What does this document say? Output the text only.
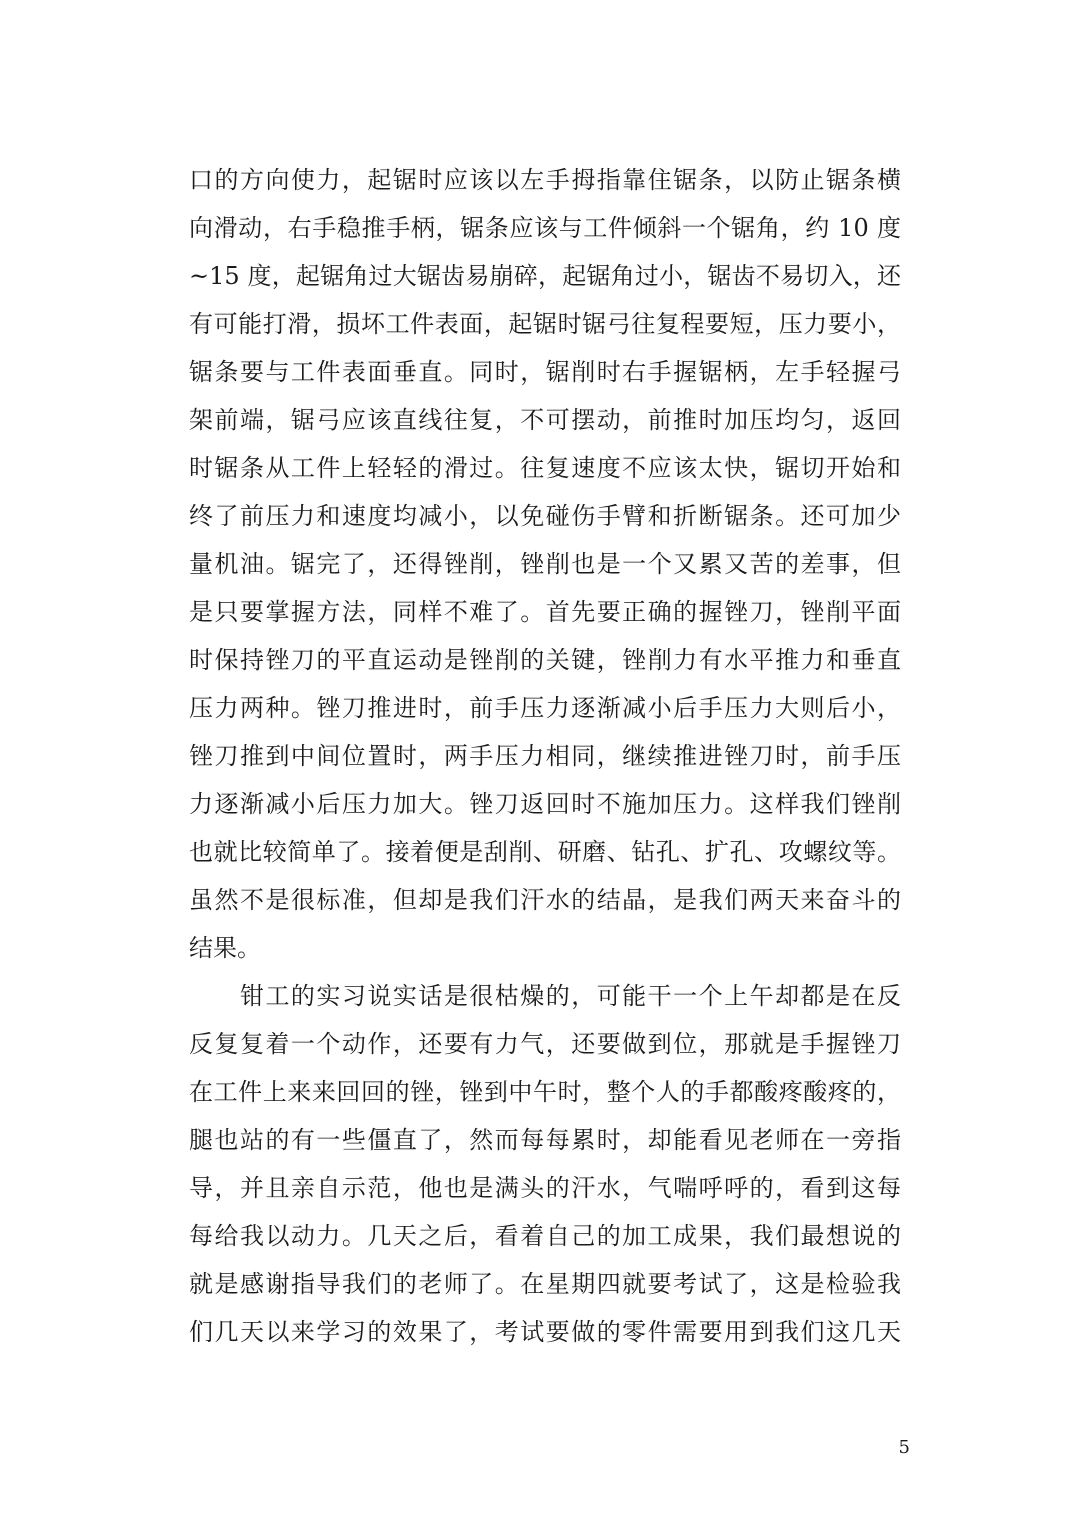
口的方向使力，起锯时应该以左手拇指靠住锯条，以防止锯条横
向滑动，右手稳推手柄，锯条应该与工件倾斜一个锯角，约 10 度
~15 度，起锯角过大锯齿易崩碎，起锯角过小，锯齿不易切入，还
有可能打滑，损坏工件表面，起锯时锯弓往复程要短，压力要小，
锯条要与工件表面垂直。同时，锯削时右手握锯柄，左手轻握弓
架前端，锯弓应该直线往复，不可摆动，前推时加压均匀，返回
时锯条从工件上轻轻的滑过。往复速度不应该太快，锯切开始和
终了前压力和速度均减小，以免碰伤手臂和折断锯条。还可加少
量机油。锯完了，还得锉削，锉削也是一个又累又苦的差事，但
是只要掌握方法，同样不难了。首先要正确的握锉刀，锉削平面
时保持锉刀的平直运动是锉削的关键，锉削力有水平推力和垂直
压力两种。锉刀推进时，前手压力逐渐减小后手压力大则后小，
锉刀推到中间位置时，两手压力相同，继续推进锉刀时，前手压
力逐渐减小后压力加大。锉刀返回时不施加压力。这样我们锉削
也就比较简单了。接着便是刮削、研磨、钻孔、扩孔、攻螺纹等。
虽然不是很标准，但却是我们汗水的结晶，是我们两天来奋斗的
结果。
　　钳工的实习说实话是很枯燥的，可能干一个上午却都是在反
反复复着一个动作，还要有力气，还要做到位，那就是手握锉刀
在工件上来来回回的锉，锉到中午时，整个人的手都酸疼酸疼的，
腿也站的有一些僵直了，然而每每累时，却能看见老师在一旁指
导，并且亲自示范，他也是满头的汗水，气喘呼呼的，看到这每
每给我以动力。几天之后，看着自己的加工成果，我们最想说的
就是感谢指导我们的老师了。在星期四就要考试了，这是检验我
们几天以来学习的效果了，考试要做的零件需要用到我们这几天
5
